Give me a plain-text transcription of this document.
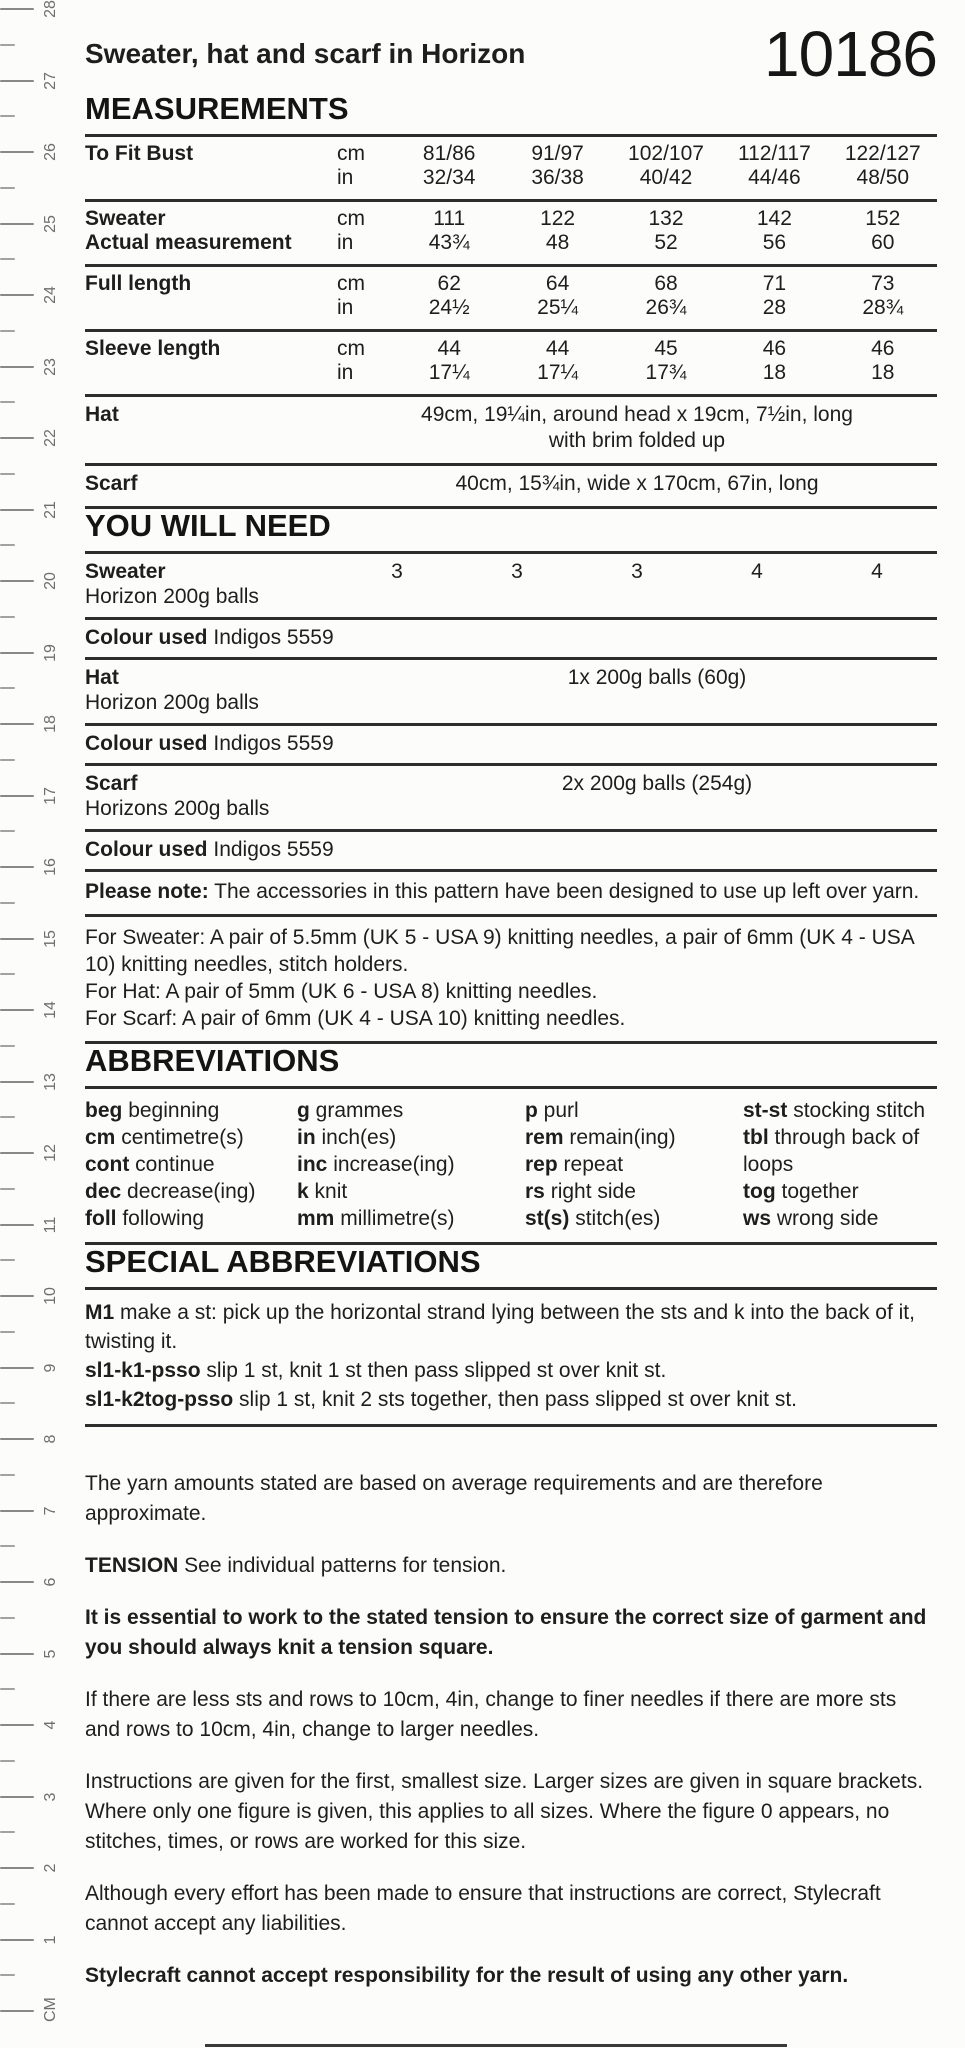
28
27
26
25
24
23
22
21
20
19
18
17
16
15
14
13
12
11
10
9
8
7
6
5
4
3
2
1
CM
Sweater, hat and scarf in Horizon	10186
MEASUREMENTS
To Fit Bust	cm	81/86	91/97	102/107	112/117	122/127
in	32/34	36/38	40/42	44/46	48/50
Sweater	cm	111	122	132	142	152
Actual measurement	in	43¾	48	52	56	60
Full length	cm	62	64	68	71	73
in	24½	25¼	26¾	28	28¾
Sleeve length	cm	44	44	45	46	46
in	17¼	17¼	17¾	18	18
Hat	49cm, 19¼in, around head x 19cm, 7½in, long
with brim folded up
Scarf	40cm, 15¾in, wide x 170cm, 67in, long
YOU WILL NEED
Sweater	3	3	3	4	4
Horizon 200g balls
Colour used Indigos 5559
Hat	1x 200g balls (60g)
Horizon 200g balls
Colour used Indigos 5559
Scarf	2x 200g balls (254g)
Horizons 200g balls
Colour used Indigos 5559
Please note: The accessories in this pattern have been designed to use up left over yarn.
For Sweater: A pair of 5.5mm (UK 5 - USA 9) knitting needles, a pair of 6mm (UK 4 - USA 10) knitting needles, stitch holders.
For Hat: A pair of 5mm (UK 6 - USA 8) knitting needles.
For Scarf: A pair of 6mm (UK 4 - USA 10) knitting needles.
ABBREVIATIONS
beg beginning
cm centimetre(s)
cont continue
dec decrease(ing)
foll following
g grammes
in inch(es)
inc increase(ing)
k knit
mm millimetre(s)
p purl
rem remain(ing)
rep repeat
rs right side
st(s) stitch(es)
st-st stocking stitch
tbl through back of loops
tog together
ws wrong side
SPECIAL ABBREVIATIONS
M1 make a st: pick up the horizontal strand lying between the sts and k into the back of it, twisting it.
sl1-k1-psso slip 1 st, knit 1 st then pass slipped st over knit st.
sl1-k2tog-psso slip 1 st, knit 2 sts together, then pass slipped st over knit st.
The yarn amounts stated are based on average requirements and are therefore approximate.
TENSION See individual patterns for tension.
It is essential to work to the stated tension to ensure the correct size of garment and you should always knit a tension square.
If there are less sts and rows to 10cm, 4in, change to finer needles if there are more sts and rows to 10cm, 4in, change to larger needles.
Instructions are given for the first, smallest size. Larger sizes are given in square brackets. Where only one figure is given, this applies to all sizes. Where the figure 0 appears, no stitches, times, or rows are worked for this size.
Although every effort has been made to ensure that instructions are correct, Stylecraft cannot accept any liabilities.
Stylecraft cannot accept responsibility for the result of using any other yarn.
